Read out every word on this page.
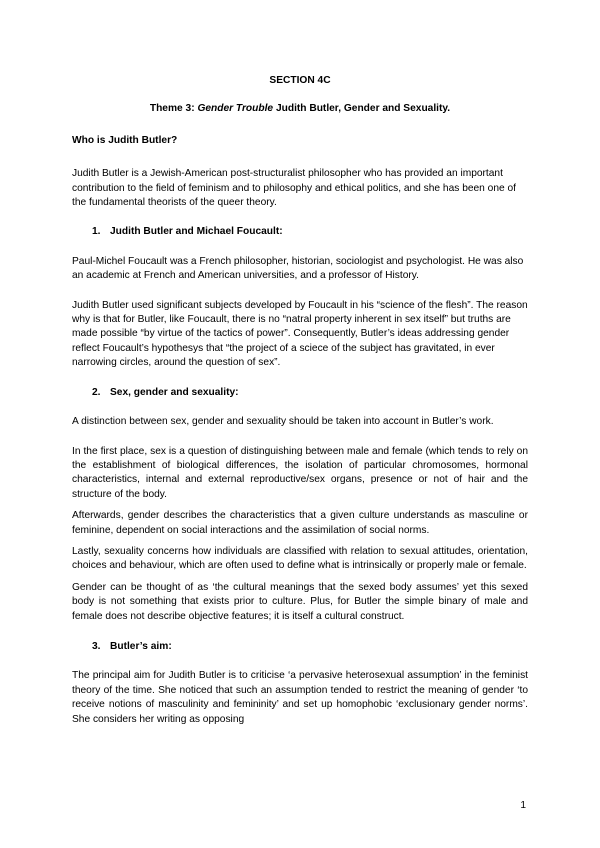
SECTION 4C
Theme 3: Gender Trouble Judith Butler, Gender and Sexuality.
Who is Judith Butler?

Judith Butler is a Jewish-American post-structuralist philosopher who has provided an important contribution to the field of feminism and to philosophy and ethical politics, and she has been one of the fundamental theorists of the queer theory.

1. Judith Butler and Michael Foucault:

Paul-Michel Foucault was a French philosopher, historian, sociologist and psychologist. He was also an academic at French and American universities, and a professor of History.

Judith Butler used significant subjects developed by Foucault in his “science of the flesh”. The reason why is that for Butler, like Foucault, there is no “natral property inherent in sex itself” but truths are made possible “by virtue of the tactics of power”. Consequently, Butler’s ideas addressing gender reflect Foucault’s hypothesys that “the project of a sciece of the subject has gravitated, in ever narrowing circles, around the question of sex”.

2. Sex, gender and sexuality:

A distinction between sex, gender and sexuality should be taken into account in Butler’s work.

In the first place, sex is a question of distinguishing between male and female (which tends to rely on the establishment of biological differences, the isolation of particular chromosomes, hormonal characteristics, internal and external reproductive/sex organs, presence or not of hair and the structure of the body.

Afterwards, gender describes the characteristics that a given culture understands as masculine or feminine, dependent on social interactions and the assimilation of social norms.

Lastly, sexuality concerns how individuals are classified with relation to sexual attitudes, orientation, choices and behaviour, which are often used to define what is intrinsically or properly male or female.

Gender can be thought of as ‘the cultural meanings that the sexed body assumes’ yet this sexed body is not something that exists prior to culture. Plus, for Butler the simple binary of male and female does not describe objective features; it is itself a cultural construct.

3. Butler’s aim:

The principal aim for Judith Butler is to criticise ‘a pervasive heterosexual assumption’ in the feminist theory of the time. She noticed that such an assumption tended to restrict the meaning of gender ‘to receive notions of masculinity and femininity’ and set up homophobic ‘exclusionary gender norms’. She considers her writing as opposing

1
